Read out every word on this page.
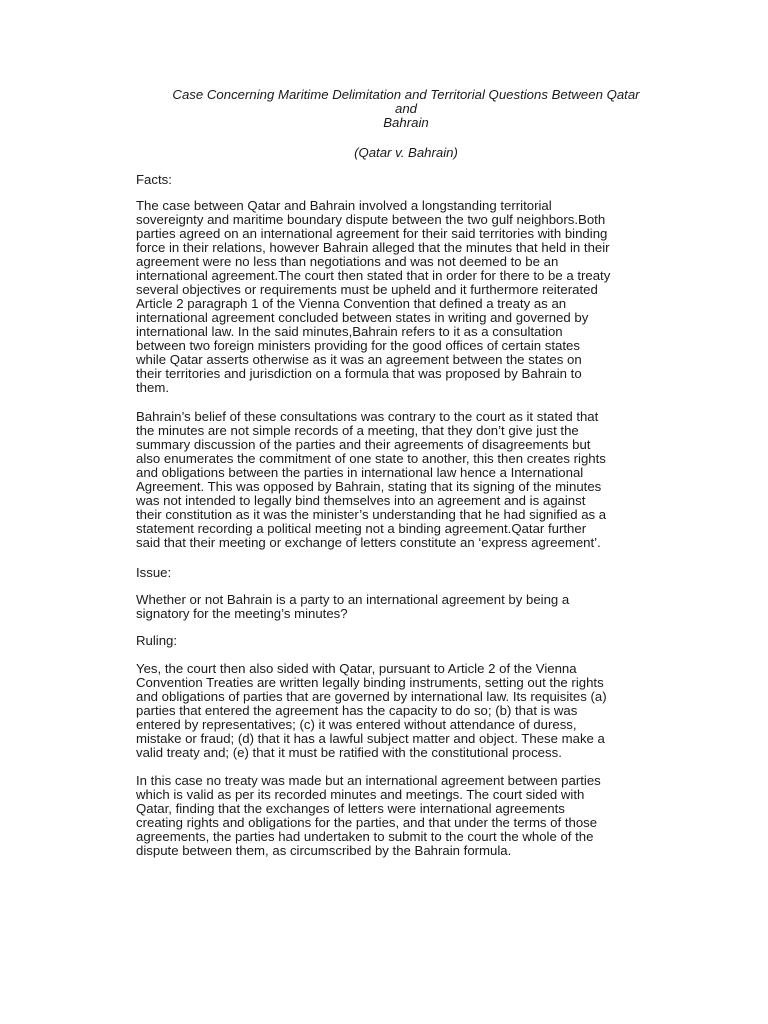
Case Concerning Maritime Delimitation and Territorial Questions Between Qatar
and
Bahrain
(Qatar v. Bahrain)

Facts:

The case between Qatar and Bahrain involved a longstanding territorial
sovereignty and maritime boundary dispute between the two gulf neighbors.Both
parties agreed on an international agreement for their said territories with binding
force in their relations, however Bahrain alleged that the minutes that held in their
agreement were no less than negotiations and was not deemed to be an
international agreement.The court then stated that in order for there to be a treaty
several objectives or requirements must be upheld and it furthermore reiterated
Article 2 paragraph 1 of the Vienna Convention that defined a treaty as an
international agreement concluded between states in writing and governed by
international law. In the said minutes,Bahrain refers to it as a consultation
between two foreign ministers providing for the good offices of certain states
while Qatar asserts otherwise as it was an agreement between the states on
their territories and jurisdiction on a formula that was proposed by Bahrain to
them.

Bahrain’s belief of these consultations was contrary to the court as it stated that
the minutes are not simple records of a meeting, that they don’t give just the
summary discussion of the parties and their agreements of disagreements but
also enumerates the commitment of one state to another, this then creates rights
and obligations between the parties in international law hence a International
Agreement. This was opposed by Bahrain, stating that its signing of the minutes
was not intended to legally bind themselves into an agreement and is against
their constitution as it was the minister’s understanding that he had signified as a
statement recording a political meeting not a binding agreement.Qatar further
said that their meeting or exchange of letters constitute an ‘express agreement’.

Issue:

Whether or not Bahrain is a party to an international agreement by being a
signatory for the meeting’s minutes?

Ruling:

Yes, the court then also sided with Qatar, pursuant to Article 2 of the Vienna
Convention Treaties are written legally binding instruments, setting out the rights
and obligations of parties that are governed by international law. Its requisites (a)
parties that entered the agreement has the capacity to do so; (b) that is was
entered by representatives; (c) it was entered without attendance of duress,
mistake or fraud; (d) that it has a lawful subject matter and object. These make a
valid treaty and; (e) that it must be ratified with the constitutional process.

In this case no treaty was made but an international agreement between parties
which is valid as per its recorded minutes and meetings. The court sided with
Qatar, finding that the exchanges of letters were international agreements
creating rights and obligations for the parties, and that under the terms of those
agreements, the parties had undertaken to submit to the court the whole of the
dispute between them, as circumscribed by the Bahrain formula.
